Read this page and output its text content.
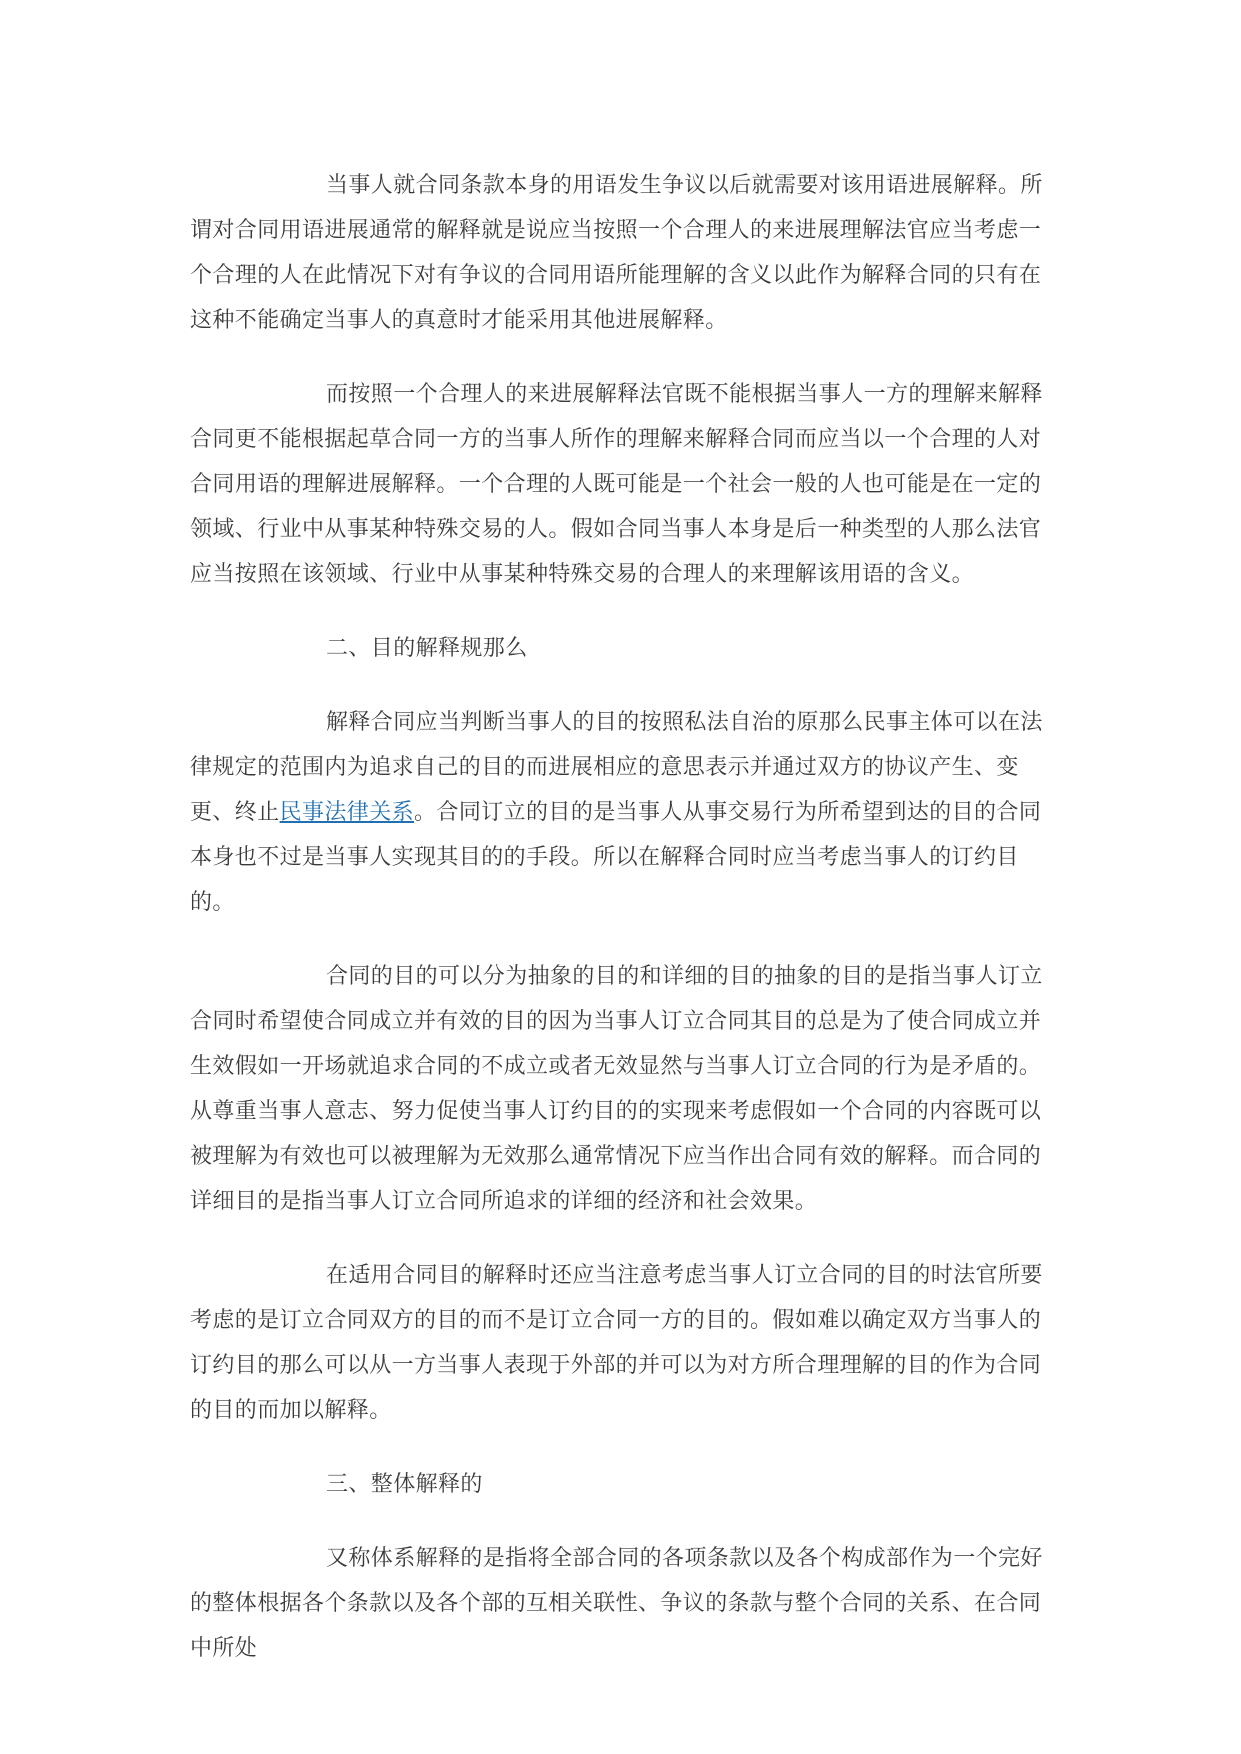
当事人就合同条款本身的用语发生争议以后就需要对该用语进展解释。所谓对合同用语进展通常的解释就是说应当按照一个合理人的来进展理解法官应当考虑一个合理的人在此情况下对有争议的合同用语所能理解的含义以此作为解释合同的只有在这种不能确定当事人的真意时才能采用其他进展解释。
而按照一个合理人的来进展解释法官既不能根据当事人一方的理解来解释合同更不能根据起草合同一方的当事人所作的理解来解释合同而应当以一个合理的人对合同用语的理解进展解释。一个合理的人既可能是一个社会一般的人也可能是在一定的领域、行业中从事某种特殊交易的人。假如合同当事人本身是后一种类型的人那么法官应当按照在该领域、行业中从事某种特殊交易的合理人的来理解该用语的含义。
二、目的解释规那么
解释合同应当判断当事人的目的按照私法自治的原那么民事主体可以在法律规定的范围内为追求自己的目的而进展相应的意思表示并通过双方的协议产生、变更、终止民事法律关系。合同订立的目的是当事人从事交易行为所希望到达的目的合同本身也不过是当事人实现其目的的手段。所以在解释合同时应当考虑当事人的订约目的。
合同的目的可以分为抽象的目的和详细的目的抽象的目的是指当事人订立合同时希望使合同成立并有效的目的因为当事人订立合同其目的总是为了使合同成立并生效假如一开场就追求合同的不成立或者无效显然与当事人订立合同的行为是矛盾的。从尊重当事人意志、努力促使当事人订约目的的实现来考虑假如一个合同的内容既可以被理解为有效也可以被理解为无效那么通常情况下应当作出合同有效的解释。而合同的详细目的是指当事人订立合同所追求的详细的经济和社会效果。
在适用合同目的解释时还应当注意考虑当事人订立合同的目的时法官所要考虑的是订立合同双方的目的而不是订立合同一方的目的。假如难以确定双方当事人的订约目的那么可以从一方当事人表现于外部的并可以为对方所合理理解的目的作为合同的目的而加以解释。
三、整体解释的
又称体系解释的是指将全部合同的各项条款以及各个构成部作为一个完好的整体根据各个条款以及各个部的互相关联性、争议的条款与整个合同的关系、在合同中所处
